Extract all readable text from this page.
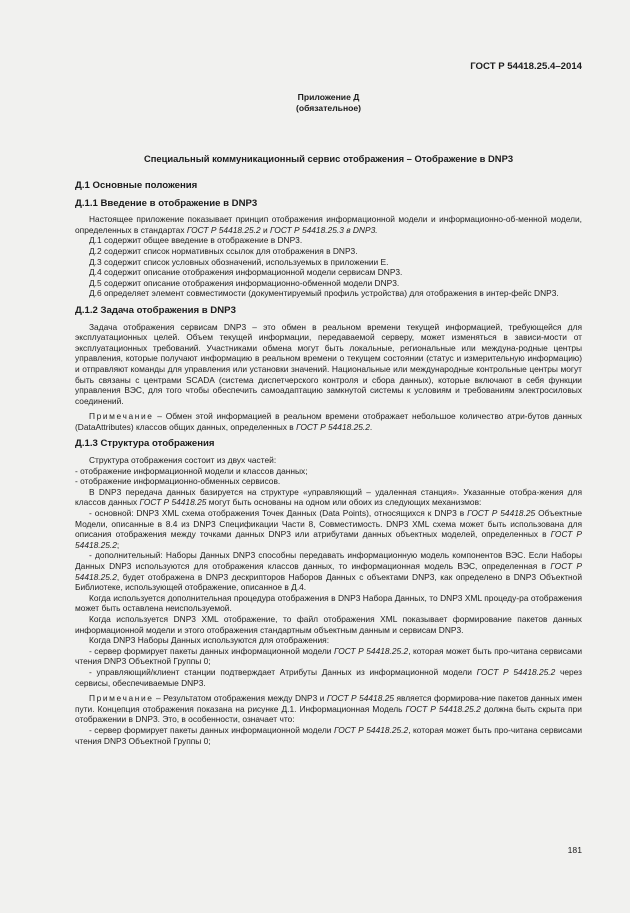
ГОСТ Р 54418.25.4–2014
Приложение Д
(обязательное)
Специальный коммуникационный сервис отображения – Отображение в DNP3
Д.1 Основные положения
Д.1.1 Введение в отображение в DNP3

Настоящее приложение показывает принцип отображения информационной модели и информационно-об-менной модели, определенных в стандартах ГОСТ Р 54418.25.2 и ГОСТ Р 54418.25.3 в DNP3.

Д.1 содержит общее введение в отображение в DNP3.

Д.2 содержит список нормативных ссылок для отображения в DNP3.

Д.3 содержит список условных обозначений, используемых в приложении Е.

Д.4 содержит описание отображения информационной модели сервисам DNP3.

Д.5 содержит описание отображения информационно-обменной модели DNP3.

Д.6 определяет элемент совместимости (документируемый профиль устройства) для отображения в интер-фейс DNP3.

Д.1.2 Задача отображения в DNP3

Задача отображения сервисам DNP3 – это обмен в реальном времени текущей информацией, требующейся для эксплуатационных целей. Объем текущей информации, передаваемой серверу, может изменяться в зависи-мости от эксплуатационных требований. Участниками обмена могут быть локальные, региональные или междуна-родные центры управления, которые получают информацию в реальном времени о текущем состоянии (статус и измерительную информацию) и отправляют команды для управления или установки значений. Национальные или международные контрольные центры могут быть связаны с центрами SCADA (система диспетчерского контроля и сбора данных), которые включают в себя функции управления ВЭС, для того чтобы обеспечить самоадаптацию замкнутой системы к условиям и требованиям электросиловых соединений.

Примечание – Обмен этой информацией в реальном времени отображает небольшое количество атри-бутов данных (DataAttributes) классов общих данных, определенных в ГОСТ Р 54418.25.2.

Д.1.3 Структура отображения

Структура отображения состоит из двух частей:

- отображение информационной модели и классов данных;

- отображение информационно-обменных сервисов.

В DNP3 передача данных базируется на структуре «управляющий – удаленная станция». Указанные отобра-жения для классов данных ГОСТ Р 54418.25 могут быть основаны на одном или обоих из следующих механизмов:

- основной: DNP3 XML схема отображения Точек Данных (Data Points), относящихся к DNP3 в ГОСТ Р 54418.25 Объектные Модели, описанные в 8.4 из DNP3 Спецификации Части 8, Совместимость. DNP3 XML схема может быть использована для описания отображения между точками данных DNP3 или атрибутами данных объектных моделей, определенных в ГОСТ Р 54418.25.2;

- дополнительный: Наборы Данных DNP3 способны передавать информационную модель компонентов ВЭС. Если Наборы Данных DNP3 используются для отображения классов данных, то информационная модель ВЭС, определенная в ГОСТ Р 54418.25.2, будет отображена в DNP3 дескрипторов Наборов Данных с объектами DNP3, как определено в DNP3 Объектной Библиотеке, использующей отображение, описанное в Д.4.

Когда используется дополнительная процедура отображения в DNP3 Набора Данных, то DNP3 XML процеду-ра отображения может быть оставлена неиспользуемой.

Когда используется DNP3 XML отображение, то файл отображения XML показывает формирование пакетов данных информационной модели и этого отображения стандартным объектным данным и сервисам DNP3.

Когда DNP3 Наборы Данных используются для отображения:

- сервер формирует пакеты данных информационной модели ГОСТ Р 54418.25.2, которая может быть про-читана сервисами чтения DNP3 Объектной Группы 0;

- управляющий/клиент станции подтверждает Атрибуты Данных из информационной модели ГОСТ Р 54418.25.2 через сервисы, обеспечиваемые DNP3.

Примечание – Результатом отображения между DNP3 и ГОСТ Р 54418.25 является формирова-ние пакетов данных имен пути. Концепция отображения показана на рисунке Д.1. Информационная Модель ГОСТ Р 54418.25.2 должна быть скрыта при отображении в DNP3. Это, в особенности, означает что:

- сервер формирует пакеты данных информационной модели ГОСТ Р 54418.25.2, которая может быть про-читана сервисами чтения DNP3 Объектной Группы 0;

181
